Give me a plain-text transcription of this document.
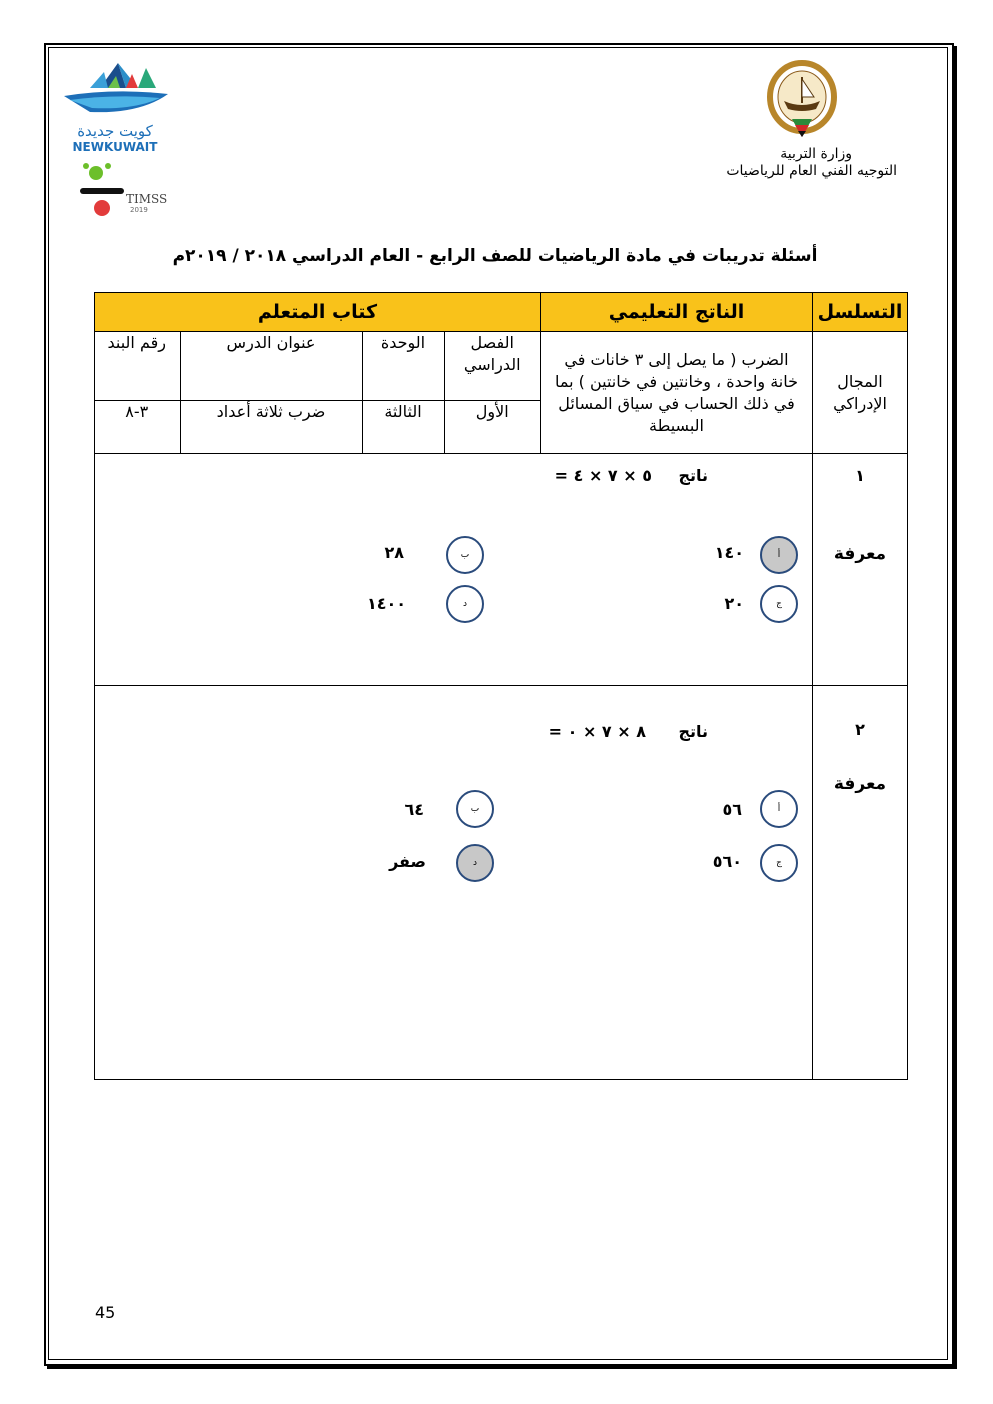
كويت جديدة
NEWKUWAIT
TIMSS
2019
وزارة التربية
التوجيه الفني العام للرياضيات
أسئلة تدريبات في مادة الرياضيات للصف الرابع - العام الدراسي ٢٠١٨ / ٢٠١٩م
التسلسل	الناتج التعليمي	كتاب المتعلم
المجال الإدراكي	الضرب ( ما يصل إلى ٣ خانات في خانة واحدة ، وخانتين في خانتين ) بما في ذلك الحساب في سياق المسائل البسيطة	
الفصل الدراسي	الوحدة	عنوان الدرس	رقم البند
الأول	الثالثة	ضرب ثلاثة أعداد	٣-٨

١
معرفة

ناتج
٥ × ٧ × ٤ =
أ
١٤٠
ب
٢٨
ج
٢٠
د
١٤٠٠

٢
معرفة

ناتج
٨ × ٧ × ٠ =
أ
٥٦
ب
٦٤
ج
٥٦٠
د
صفر
45
